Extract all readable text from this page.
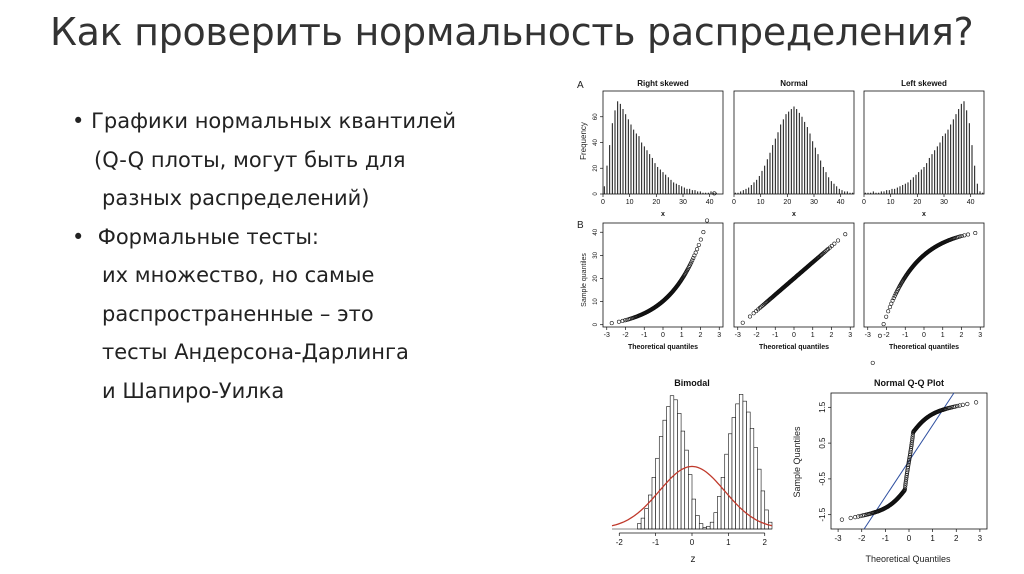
Как проверить нормальность распределения?
• Графики нормальных квантилей
(Q-Q плоты, могут быть для
разных распределений)
• Формальные тесты:
их множество, но самые
распространенные – это
тесты Андерсона-Дарлинга
и Шапиро-Уилка
A
B
Frequency
Sample quantiles
z	Theoretical Quantiles
Sample Quantiles
Right skewed
0	10	20	30	40
x
0
20
40
60
Normal
0	10	20	30	40
x
Left skewed
0	10	20	30	40
x
-3 -2 -1 0 1 2 3
Theoretical quantiles
0
10
20
30
40
-3 -2 -1 0 1 2 3
Theoretical quantiles
-3 -2 -1 0 1 2 3
Theoretical quantiles
-2	-1	0	1	2
Bimodal
-3 -2 -1 0 1 2 3
-1.5
-0.5
0.5
1.5
Normal Q-Q Plot
